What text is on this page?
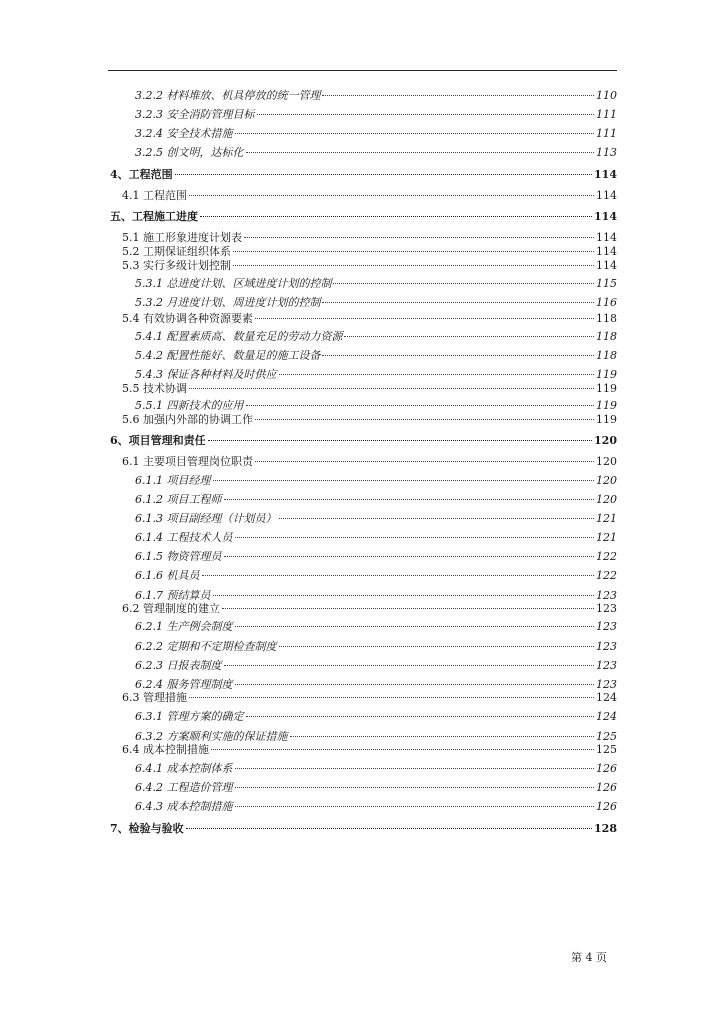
3.2.2 材料堆放、机具停放的统一管理	110
3.2.3 安全消防管理目标	111
3.2.4 安全技术措施	111
3.2.5 创文明，达标化	113
4、工程范围	114
4.1 工程范围	114
五、工程施工进度	114
5.1 施工形象进度计划表	114
5.2 工期保证组织体系	114
5.3 实行多级计划控制	114
5.3.1 总进度计划、区域进度计划的控制	115
5.3.2 月进度计划、周进度计划的控制	116
5.4 有效协调各种资源要素	118
5.4.1 配置素质高、数量充足的劳动力资源	118
5.4.2 配置性能好、数量足的施工设备	118
5.4.3 保证各种材料及时供应	119
5.5 技术协调	119
5.5.1 四新技术的应用	119
5.6 加强内外部的协调工作	119
6、项目管理和责任	120
6.1 主要项目管理岗位职责	120
6.1.1 项目经理	120
6.1.2 项目工程师	120
6.1.3 项目副经理（计划员）	121
6.1.4 工程技术人员	121
6.1.5 物资管理员	122
6.1.6 机具员	122
6.1.7 预结算员	123
6.2 管理制度的建立	123
6.2.1 生产例会制度	123
6.2.2 定期和不定期检查制度	123
6.2.3 日报表制度	123
6.2.4 服务管理制度	123
6.3 管理措施	124
6.3.1 管理方案的确定	124
6.3.2 方案顺利实施的保证措施	125
6.4 成本控制措施	125
6.4.1 成本控制体系	126
6.4.2 工程造价管理	126
6.4.3 成本控制措施	126
7、检验与验收	128
第 4 页
